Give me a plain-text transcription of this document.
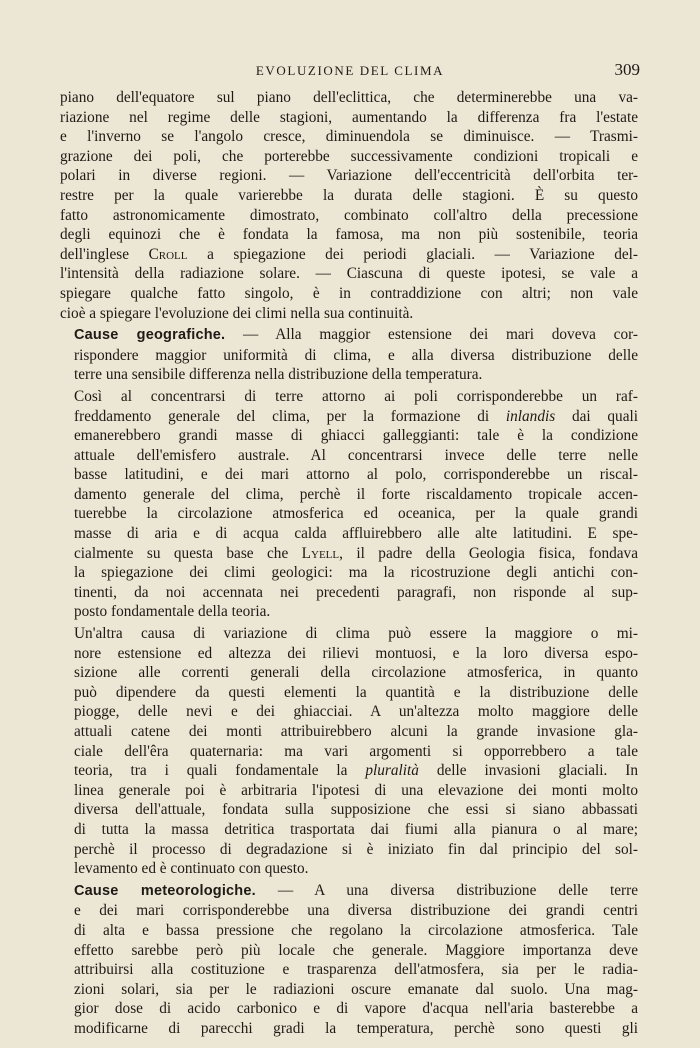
EVOLUZIONE DEL CLIMA	309

piano dell'equatore sul piano dell'eclittica, che determinerebbe una va-
riazione nel regime delle stagioni, aumentando la differenza fra l'estate
e l'inverno se l'angolo cresce, diminuendola se diminuisce. — Trasmi-
grazione dei poli, che porterebbe successivamente condizioni tropicali e
polari in diverse regioni. — Variazione dell'eccentricità dell'orbita ter-
restre per la quale varierebbe la durata delle stagioni. È su questo
fatto astronomicamente dimostrato, combinato coll'altro della precessione
degli equinozi che è fondata la famosa, ma non più sostenibile, teoria
dell'inglese Croll a spiegazione dei periodi glaciali. — Variazione del-
l'intensità della radiazione solare. — Ciascuna di queste ipotesi, se vale a
spiegare qualche fatto singolo, è in contraddizione con altri; non vale
cioè a spiegare l'evoluzione dei climi nella sua continuità.

Cause geografiche. — Alla maggior estensione dei mari doveva cor-
rispondere maggior uniformità di clima, e alla diversa distribuzione delle
terre una sensibile differenza nella distribuzione della temperatura.

Così al concentrarsi di terre attorno ai poli corrisponderebbe un raf-
freddamento generale del clima, per la formazione di inlandis dai quali
emanerebbero grandi masse di ghiacci galleggianti: tale è la condizione
attuale dell'emisfero australe. Al concentrarsi invece delle terre nelle
basse latitudini, e dei mari attorno al polo, corrisponderebbe un riscal-
damento generale del clima, perchè il forte riscaldamento tropicale accen-
tuerebbe la circolazione atmosferica ed oceanica, per la quale grandi
masse di aria e di acqua calda affluirebbero alle alte latitudini. E spe-
cialmente su questa base che Lyell, il padre della Geologia fisica, fondava
la spiegazione dei climi geologici: ma la ricostruzione degli antichi con-
tinenti, da noi accennata nei precedenti paragrafi, non risponde al sup-
posto fondamentale della teoria.

Un'altra causa di variazione di clima può essere la maggiore o mi-
nore estensione ed altezza dei rilievi montuosi, e la loro diversa espo-
sizione alle correnti generali della circolazione atmosferica, in quanto
può dipendere da questi elementi la quantità e la distribuzione delle
piogge, delle nevi e dei ghiacciai. A un'altezza molto maggiore delle
attuali catene dei monti attribuirebbero alcuni la grande invasione gla-
ciale dell'êra quaternaria: ma vari argomenti si opporrebbero a tale
teoria, tra i quali fondamentale la pluralità delle invasioni glaciali. In
linea generale poi è arbitraria l'ipotesi di una elevazione dei monti molto
diversa dell'attuale, fondata sulla supposizione che essi si siano abbassati
di tutta la massa detritica trasportata dai fiumi alla pianura o al mare;
perchè il processo di degradazione si è iniziato fin dal principio del sol-
levamento ed è continuato con questo.

Cause meteorologiche. — A una diversa distribuzione delle terre
e dei mari corrisponderebbe una diversa distribuzione dei grandi centri
di alta e bassa pressione che regolano la circolazione atmosferica. Tale
effetto sarebbe però più locale che generale. Maggiore importanza deve
attribuirsi alla costituzione e trasparenza dell'atmosfera, sia per le radia-
zioni solari, sia per le radiazioni oscure emanate dal suolo. Una mag-
gior dose di acido carbonico e di vapore d'acqua nell'aria basterebbe a
modificarne di parecchi gradi la temperatura, perchè sono questi gli
